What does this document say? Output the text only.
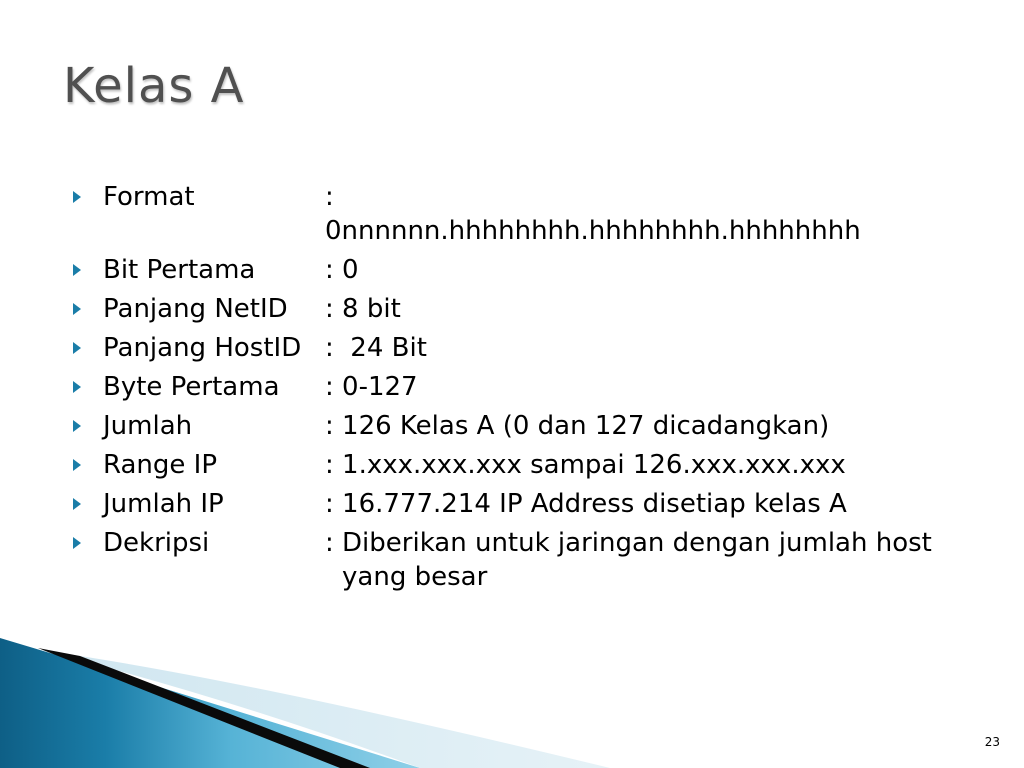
Kelas A
Format	:
0nnnnnn.hhhhhhhh.hhhhhhhh.hhhhhhhh
Bit Pertama	: 0
Panjang NetID	: 8 bit
Panjang HostID : 24 Bit
Byte Pertama	: 0-127
Jumlah	: 126 Kelas A (0 dan 127 dicadangkan)
Range IP	: 1.xxx.xxx.xxx sampai 126.xxx.xxx.xxx
Jumlah IP	: 16.777.214 IP Address disetiap kelas A
Dekripsi	: Diberikan untuk jaringan dengan jumlah host yang besar
23
